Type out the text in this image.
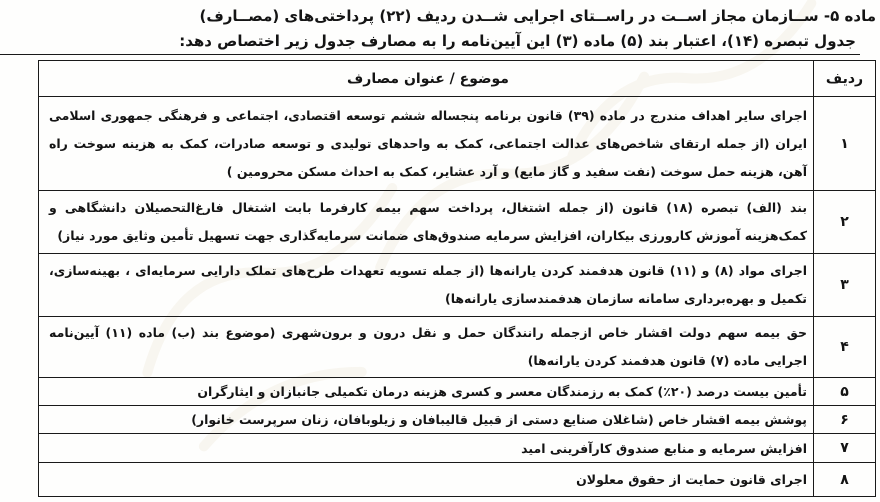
ماده ۵- ســازمان مجاز اســت در راســتای اجرایی شــدن ردیف (۲۲) پرداختی‌های (مصــارف)

جدول تبصره (۱۴)، اعتبار بند (۵) ماده (۳) این آیین‌نامه را به مصارف جدول زیر اختصاص دهد:

ردیف
موضوع / عنوان مصارف
۱
اجرای سایر اهداف مندرج در ماده (۳۹) قانون برنامه پنجساله ششم توسعه اقتصادی، اجتماعی و فرهنگی جمهوری اسلامی ایران (از جمله ارتقای شاخص‌های عدالت اجتماعی، کمک به واحدهای تولیدی و توسعه صادرات، کمک به هزینه سوخت راه آهن، هزینه حمل سوخت (نفت سفید و گاز مایع) و آرد عشایر، کمک به احداث مسکن محرومین )
۲
بند (الف) تبصره (۱۸) قانون (از جمله اشتغال، پرداخت سهم بیمه کارفرما بابت اشتغال فارغ‌التحصیلان دانشگاهی و کمک‌هزینه آموزش کارورزی بیکاران، افزایش سرمایه صندوق‌های ضمانت سرمایه‌گذاری جهت تسهیل تأمین وثایق مورد نیاز)
۳
اجرای مواد (۸) و (۱۱) قانون هدفمند کردن یارانه‌ها (از جمله تسویه تعهدات طرح‌های تملک دارایی سرمایه‌ای ، بهینه‌سازی، تکمیل و بهره‌برداری سامانه سازمان هدفمندسازی یارانه‌ها)
۴
حق بیمه سهم دولت اقشار خاص ازجمله رانندگان حمل و نقل درون و برون‌شهری (موضوع بند (ب) ماده (۱۱) آیین‌نامه اجرایی ماده (۷) قانون هدفمند کردن یارانه‌ها)
۵
تأمین بیست درصد (۲۰٪) کمک به رزمندگان معسر و کسری هزینه درمان تکمیلی جانبازان و ایثارگران
۶
پوشش بیمه اقشار خاص (شاغلان صنایع دستی از قبیل قالیبافان و زیلوبافان، زنان سرپرست خانوار)
۷
افزایش سرمایه و منابع صندوق کارآفرینی امید
۸
اجرای قانون حمایت از حقوق معلولان
